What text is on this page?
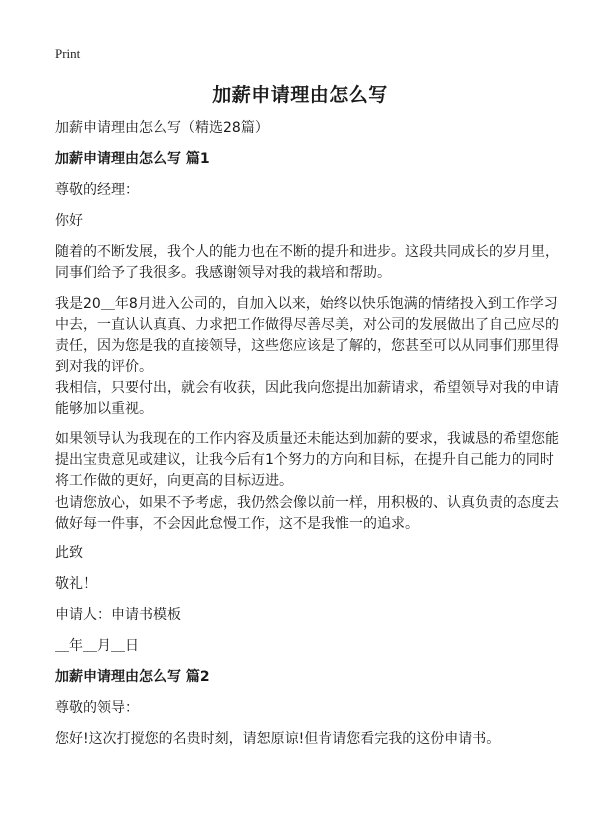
Print
加薪申请理由怎么写
加薪申请理由怎么写（精选28篇）
加薪申请理由怎么写 篇1
尊敬的经理：
你好
随着的不断发展，我个人的能力也在不断的提升和进步。这段共同成长的岁月里，
同事们给予了我很多。我感谢领导对我的栽培和帮助。
我是20＿年8月进入公司的，自加入以来，始终以快乐饱满的情绪投入到工作学习
中去，一直认认真真、力求把工作做得尽善尽美，对公司的发展做出了自己应尽的
责任，因为您是我的直接领导，这些您应该是了解的，您甚至可以从同事们那里得
到对我的评价。
我相信，只要付出，就会有收获，因此我向您提出加薪请求，希望领导对我的申请
能够加以重视。
如果领导认为我现在的工作内容及质量还未能达到加薪的要求，我诚恳的希望您能
提出宝贵意见或建议，让我今后有1个努力的方向和目标，在提升自己能力的同时
将工作做的更好，向更高的目标迈进。
也请您放心，如果不予考虑，我仍然会像以前一样，用积极的、认真负责的态度去
做好每一件事，不会因此怠慢工作，这不是我惟一的追求。
此致
敬礼！
申请人：申请书模板
＿年＿月＿日
加薪申请理由怎么写 篇2
尊敬的领导：
您好!这次打搅您的名贵时刻，请恕原谅!但肯请您看完我的这份申请书。
